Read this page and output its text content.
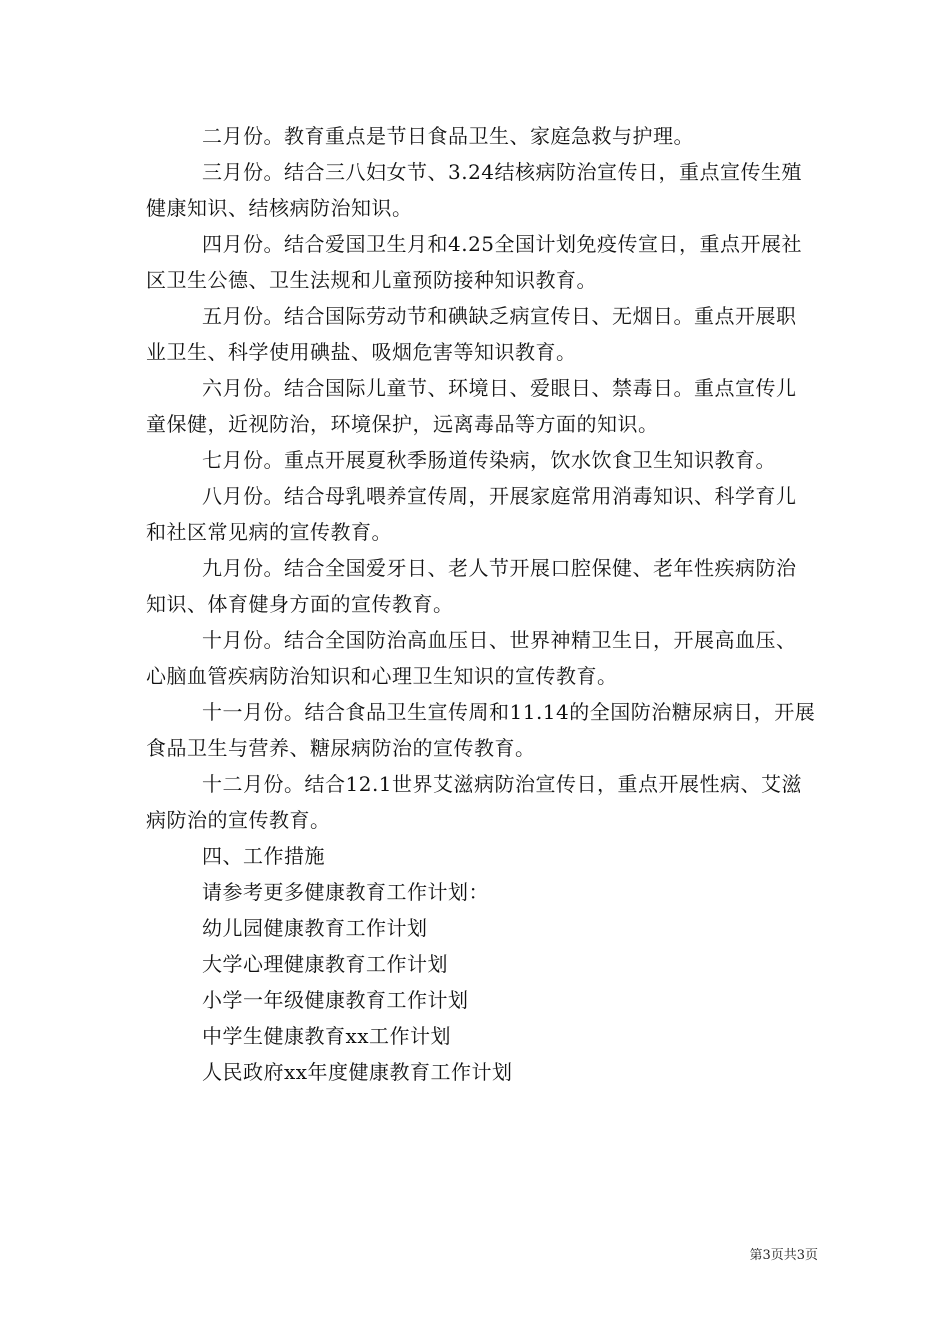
二月份。教育重点是节日食品卫生、家庭急救与护理。

三月份。结合三八妇女节、3.24结核病防治宣传日，重点宣传生殖健康知识、结核病防治知识。

四月份。结合爱国卫生月和4.25全国计划免疫传宣日，重点开展社区卫生公德、卫生法规和儿童预防接种知识教育。

五月份。结合国际劳动节和碘缺乏病宣传日、无烟日。重点开展职业卫生、科学使用碘盐、吸烟危害等知识教育。

六月份。结合国际儿童节、环境日、爱眼日、禁毒日。重点宣传儿童保健，近视防治，环境保护，远离毒品等方面的知识。

七月份。重点开展夏秋季肠道传染病，饮水饮食卫生知识教育。

八月份。结合母乳喂养宣传周，开展家庭常用消毒知识、科学育儿和社区常见病的宣传教育。

九月份。结合全国爱牙日、老人节开展口腔保健、老年性疾病防治知识、体育健身方面的宣传教育。

十月份。结合全国防治高血压日、世界神精卫生日，开展高血压、心脑血管疾病防治知识和心理卫生知识的宣传教育。

十一月份。结合食品卫生宣传周和11.14的全国防治糖尿病日，开展食品卫生与营养、糖尿病防治的宣传教育。

十二月份。结合12.1世界艾滋病防治宣传日，重点开展性病、艾滋病防治的宣传教育。

四、工作措施

请参考更多健康教育工作计划：

幼儿园健康教育工作计划

大学心理健康教育工作计划

小学一年级健康教育工作计划

中学生健康教育xx工作计划

人民政府xx年度健康教育工作计划

第3页共3页
